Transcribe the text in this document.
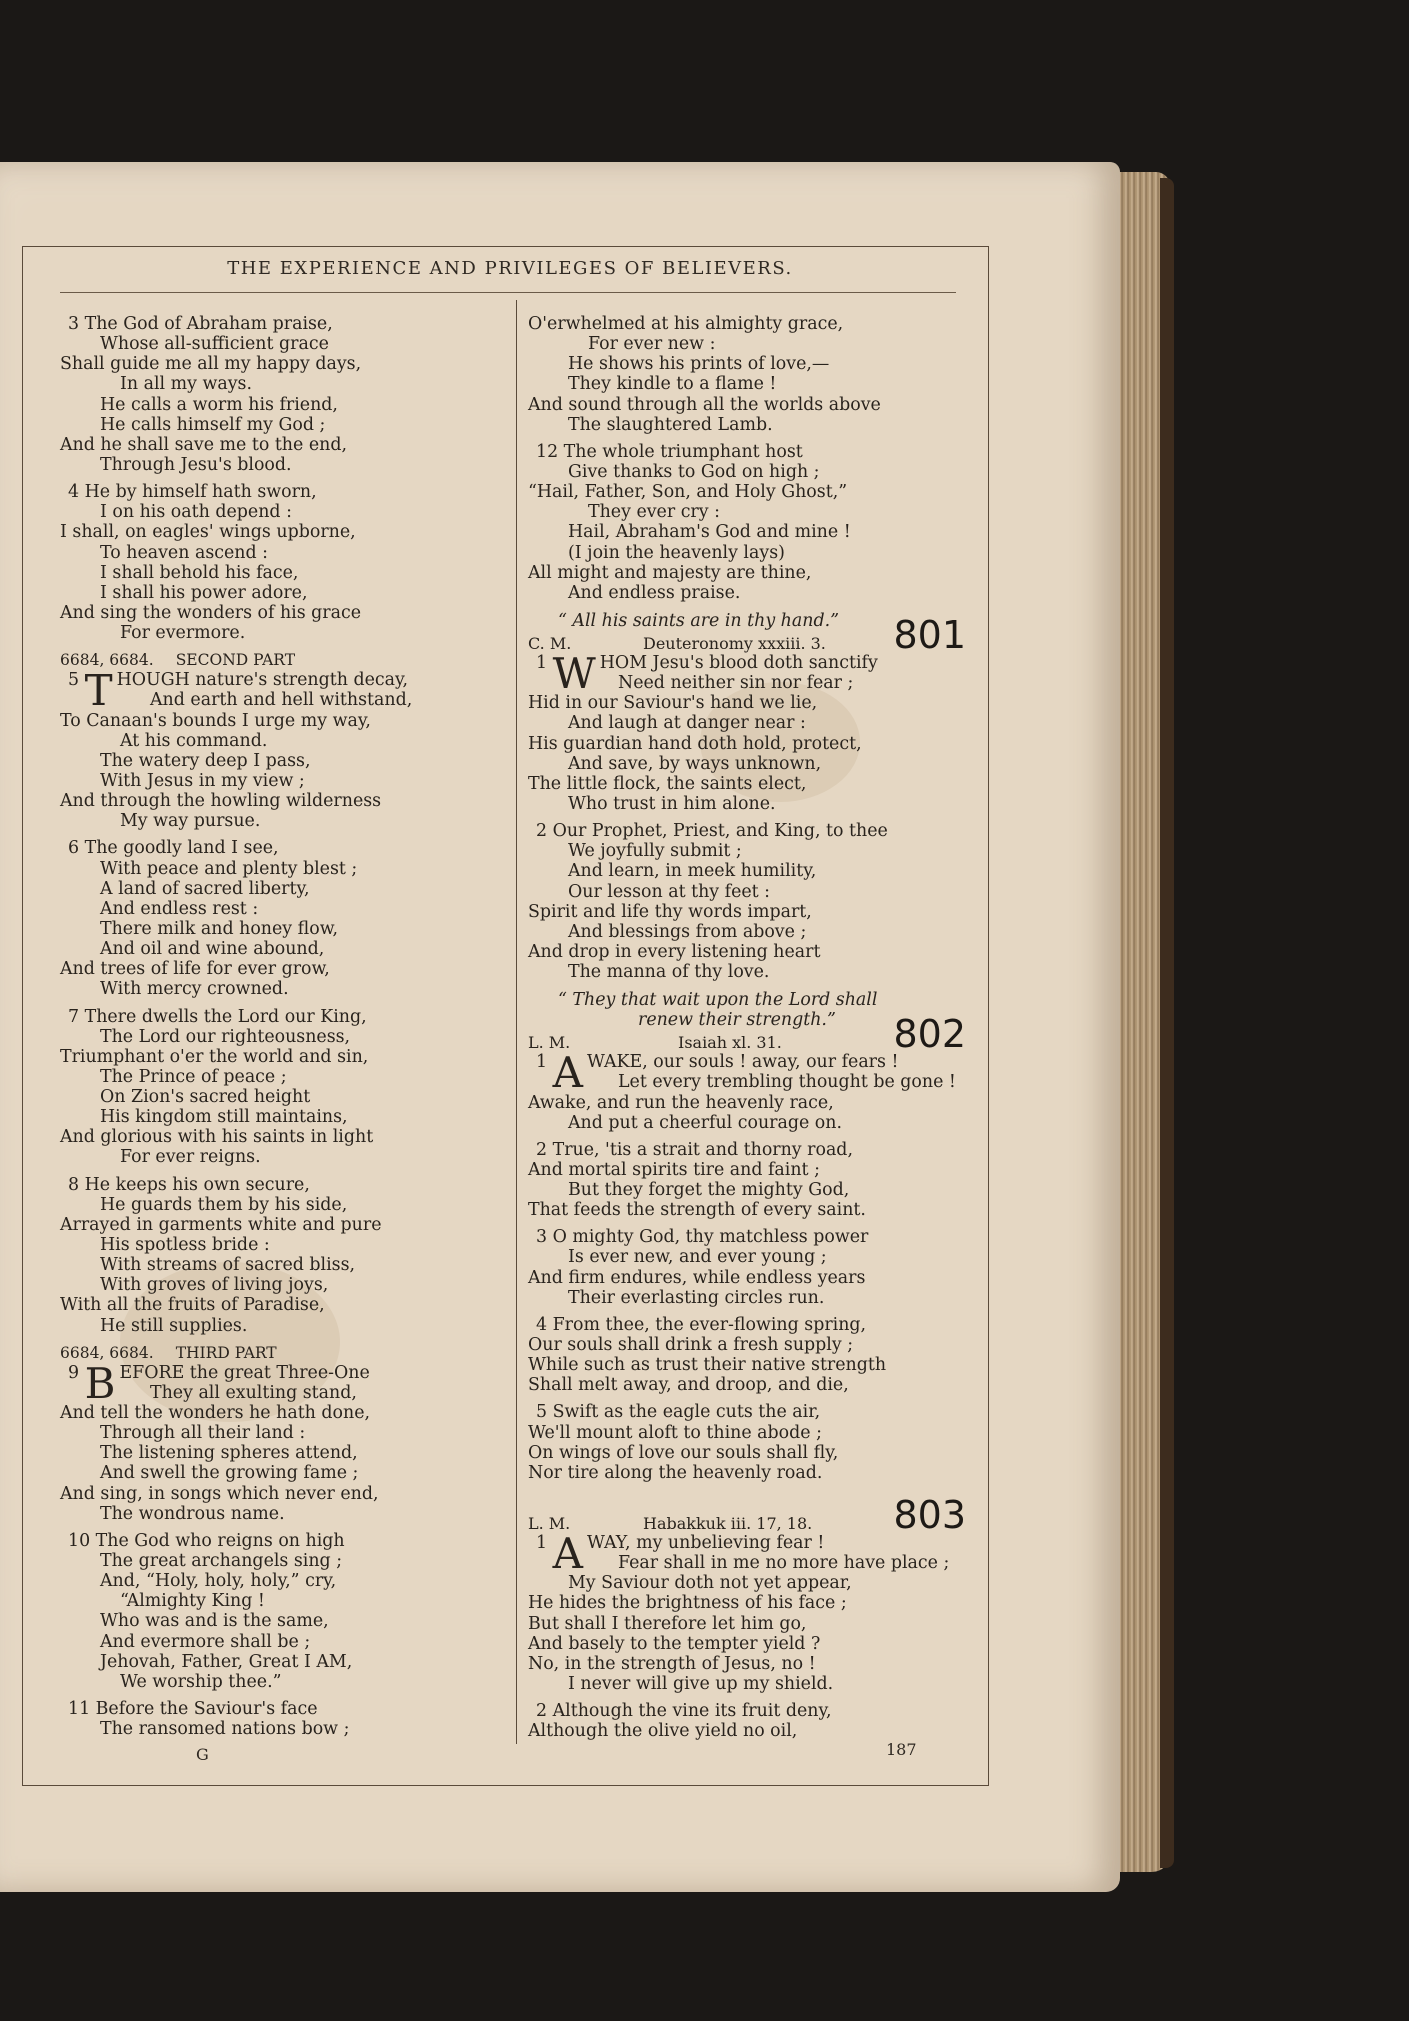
THE EXPERIENCE AND PRIVILEGES OF BELIEVERS.
3 The God of Abraham praise,
Whose all-sufficient grace
Shall guide me all my happy days,
In all my ways.
He calls a worm his friend,
He calls himself my God ;
And he shall save me to the end,
Through Jesu's blood.
4 He by himself hath sworn,
I on his oath depend :
I shall, on eagles' wings upborne,
To heaven ascend :
I shall behold his face,
I shall his power adore,
And sing the wonders of his grace
For evermore.
6684, 6684. SECOND PART
5 T HOUGH nature's strength decay,
And earth and hell withstand,
To Canaan's bounds I urge my way,
At his command.
The watery deep I pass,
With Jesus in my view ;
And through the howling wilderness
My way pursue.
6 The goodly land I see,
With peace and plenty blest ;
A land of sacred liberty,
And endless rest :
There milk and honey flow,
And oil and wine abound,
And trees of life for ever grow,
With mercy crowned.
7 There dwells the Lord our King,
The Lord our righteousness,
Triumphant o'er the world and sin,
The Prince of peace ;
On Zion's sacred height
His kingdom still maintains,
And glorious with his saints in light
For ever reigns.
8 He keeps his own secure,
He guards them by his side,
Arrayed in garments white and pure
His spotless bride :
With streams of sacred bliss,
With groves of living joys,
With all the fruits of Paradise,
He still supplies.
6684, 6684. THIRD PART
9 B EFORE the great Three-One
They all exulting stand,
And tell the wonders he hath done,
Through all their land :
The listening spheres attend,
And swell the growing fame ;
And sing, in songs which never end,
The wondrous name.
10 The God who reigns on high
The great archangels sing ;
And, “Holy, holy, holy,” cry,
“Almighty King !
Who was and is the same,
And evermore shall be ;
Jehovah, Father, Great I AM,
We worship thee.”
11 Before the Saviour's face
The ransomed nations bow ;
O'erwhelmed at his almighty grace,
For ever new :
He shows his prints of love,—
They kindle to a flame !
And sound through all the worlds above
The slaughtered Lamb.
12 The whole triumphant host
Give thanks to God on high ;
“Hail, Father, Son, and Holy Ghost,”
They ever cry :
Hail, Abraham's God and mine !
(I join the heavenly lays)
All might and majesty are thine,
And endless praise.
“ All his saints are in thy hand.”
C. M.	Deuteronomy xxxiii. 3. 801
1 W HOM Jesu's blood doth sanctify
Need neither sin nor fear ;
Hid in our Saviour's hand we lie,
And laugh at danger near :
His guardian hand doth hold, protect,
And save, by ways unknown,
The little flock, the saints elect,
Who trust in him alone.
2 Our Prophet, Priest, and King, to thee
We joyfully submit ;
And learn, in meek humility,
Our lesson at thy feet :
Spirit and life thy words impart,
And blessings from above ;
And drop in every listening heart
The manna of thy love.
“ They that wait upon the Lord shall
renew their strength.”
L. M.	Isaiah xl. 31.	802
1 A WAKE, our souls ! away, our fears !
Let every trembling thought be gone !
Awake, and run the heavenly race,
And put a cheerful courage on.
2 True, 'tis a strait and thorny road,
And mortal spirits tire and faint ;
But they forget the mighty God,
That feeds the strength of every saint.
3 O mighty God, thy matchless power
Is ever new, and ever young ;
And firm endures, while endless years
Their everlasting circles run.
4 From thee, the ever-flowing spring,
Our souls shall drink a fresh supply ;
While such as trust their native strength
Shall melt away, and droop, and die,
5 Swift as the eagle cuts the air,
We'll mount aloft to thine abode ;
On wings of love our souls shall fly,
Nor tire along the heavenly road.
L. M.	Habakkuk iii. 17, 18. 803
1 A WAY, my unbelieving fear !
Fear shall in me no more have place ;
My Saviour doth not yet appear,
He hides the brightness of his face ;
But shall I therefore let him go,
And basely to the tempter yield ?
No, in the strength of Jesus, no !
I never will give up my shield.
2 Although the vine its fruit deny,
Although the olive yield no oil,
G	187
